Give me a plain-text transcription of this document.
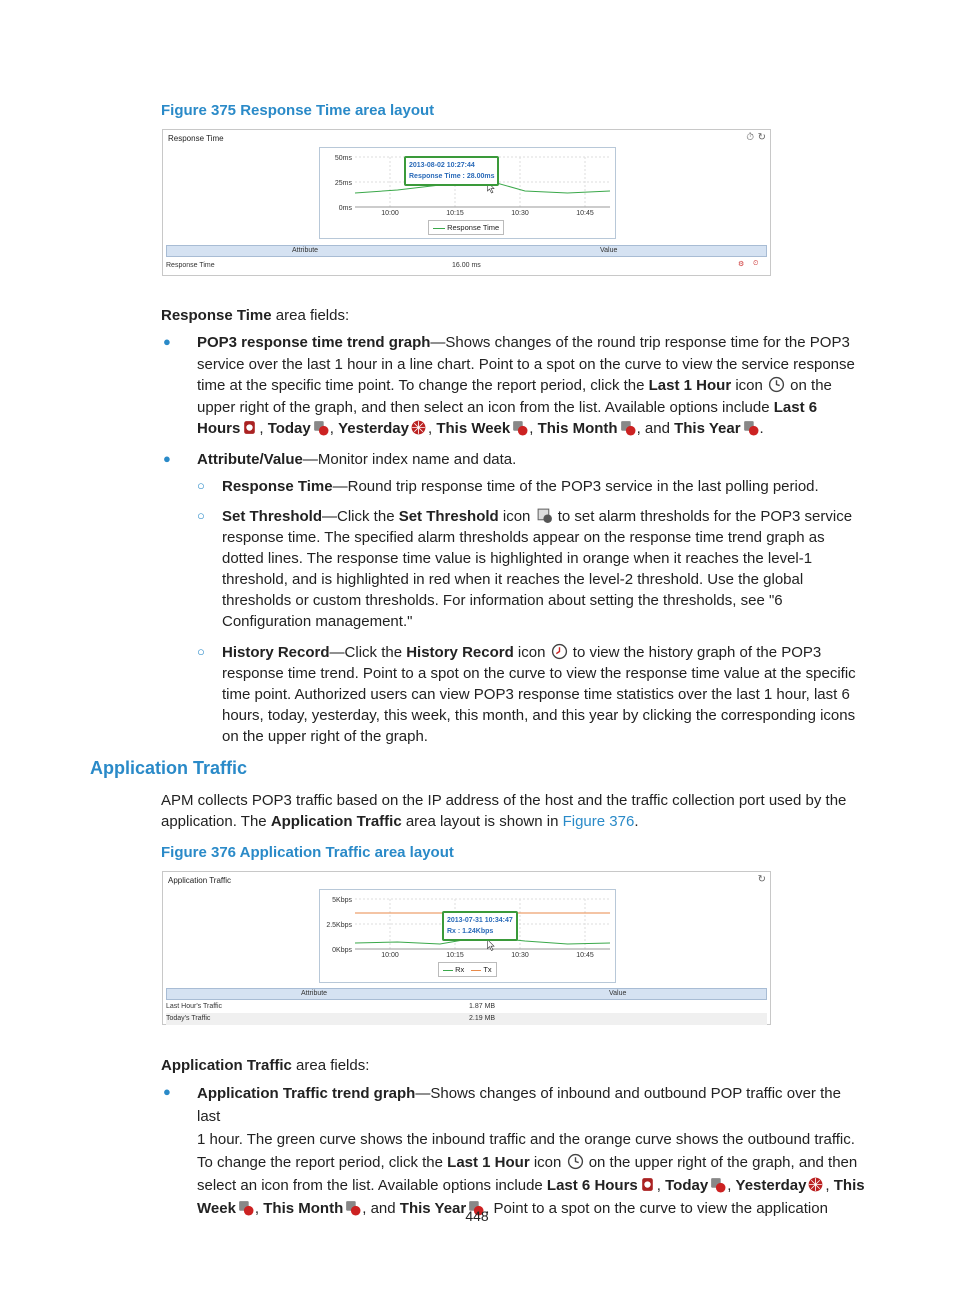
Figure 375 Response Time area layout
Response Time	⏱ ↻
50ms
25ms
0ms
10:00	10:15	10:30	10:45
2013-08-02 10:27:44
Response Time : 28.00ms
Response Time
Attribute	Value
Response Time	16.00 ms	⚙ ⏲
Response Time area fields:
● POP3 response time trend graph—Shows changes of the round trip response time for the POP3
service over the last 1 hour in a line chart. Point to a spot on the curve to view the service response
time at the specific time point. To change the report period, click the Last 1 Hour icon  on the
upper right of the graph, and then select an icon from the list. Available options include Last 6
Hours , Today , Yesterday , This Week , This Month , and This Year .
● Attribute/Value—Monitor index name and data.
○ Response Time—Round trip response time of the POP3 service in the last polling period.
○ Set Threshold—Click the Set Threshold icon  to set alarm thresholds for the POP3 service
response time. The specified alarm thresholds appear on the response time trend graph as
dotted lines. The response time value is highlighted in orange when it reaches the level-1
threshold, and is highlighted in red when it reaches the level-2 threshold. Use the global
thresholds or custom thresholds. For information about setting the thresholds, see "6
Configuration management."
○ History Record—Click the History Record icon  to view the history graph of the POP3
response time trend. Point to a spot on the curve to view the response time value at the specific
time point. Authorized users can view POP3 response time statistics over the last 1 hour, last 6
hours, today, yesterday, this week, this month, and this year by clicking the corresponding icons
on the upper right of the graph.
Application Traffic
APM collects POP3 traffic based on the IP address of the host and the traffic collection port used by the
application. The Application Traffic area layout is shown in Figure 376.
Figure 376 Application Traffic area layout
Application Traffic	↻
5Kbps
2.5Kbps
0Kbps
10:00	10:15	10:30	10:45
2013-07-31 10:34:47
Rx : 1.24Kbps
Rx	Tx
Attribute	Value
Last Hour's Traffic	1.87 MB
Today's Traffic	2.19 MB
Application Traffic area fields:
● Application Traffic trend graph—Shows changes of inbound and outbound POP traffic over the last
1 hour. The green curve shows the inbound traffic and the orange curve shows the outbound traffic.
To change the report period, click the Last 1 Hour icon  on the upper right of the graph, and then
select an icon from the list. Available options include Last 6 Hours , Today , Yesterday , This
Week , This Month , and This Year . Point to a spot on the curve to view the application
448
